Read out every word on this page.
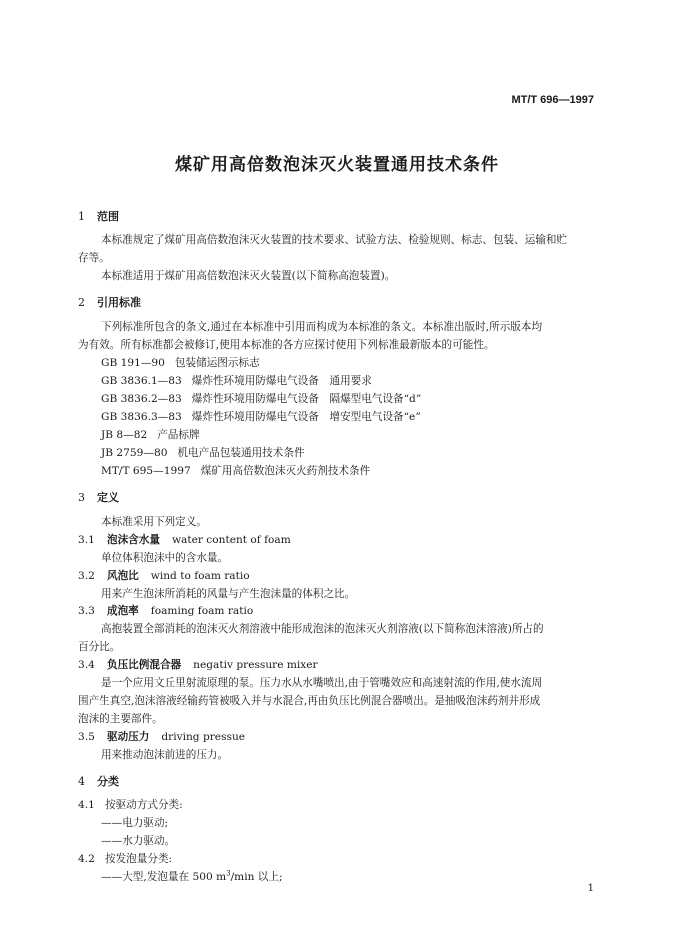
MT/T 696—1997
煤矿用高倍数泡沫灭火装置通用技术条件
1 范围
本标准规定了煤矿用高倍数泡沫灭火装置的技术要求、试验方法、检验规则、标志、包装、运输和贮
存等。
本标准适用于煤矿用高倍数泡沫灭火装置(以下简称高泡装置)。
2 引用标准
下列标准所包含的条文,通过在本标准中引用而构成为本标准的条文。本标准出版时,所示版本均
为有效。所有标准都会被修订,使用本标准的各方应探讨使用下列标准最新版本的可能性。
GB 191—90 包装储运图示标志
GB 3836.1—83 爆炸性环境用防爆电气设备　通用要求
GB 3836.2—83 爆炸性环境用防爆电气设备　隔爆型电气设备“d”
GB 3836.3—83 爆炸性环境用防爆电气设备　增安型电气设备“e”
JB 8—82 产品标牌
JB 2759—80 机电产品包装通用技术条件
MT/T 695—1997 煤矿用高倍数泡沫灭火药剂技术条件
3 定义
本标准采用下列定义。
3.1 泡沫含水量 water content of foam
单位体积泡沫中的含水量。
3.2 风泡比 wind to foam ratio
用来产生泡沫所消耗的风量与产生泡沫量的体积之比。
3.3 成泡率 foaming foam ratio
高抱装置全部消耗的泡沫灭火剂溶液中能形成泡沫的泡沫灭火剂溶液(以下简称泡沫溶液)所占的
百分比。
3.4 负压比例混合器 negativ pressure mixer
是一个应用文丘里射流原理的泵。压力水从水嘴喷出,由于管嘴效应和高速射流的作用,使水流周
围产生真空,泡沫溶液经输药管被吸入并与水混合,再由负压比例混合器喷出。是抽吸泡沫药剂并形成
泡沫的主要部件。
3.5 驱动压力 driving pressue
用来推动泡沫前进的压力。
4 分类
4.1 按驱动方式分类:
——电力驱动;
——水力驱动。
4.2 按发泡量分类:
——大型,发泡量在 500 $m^3/\min$ 以上;
1
